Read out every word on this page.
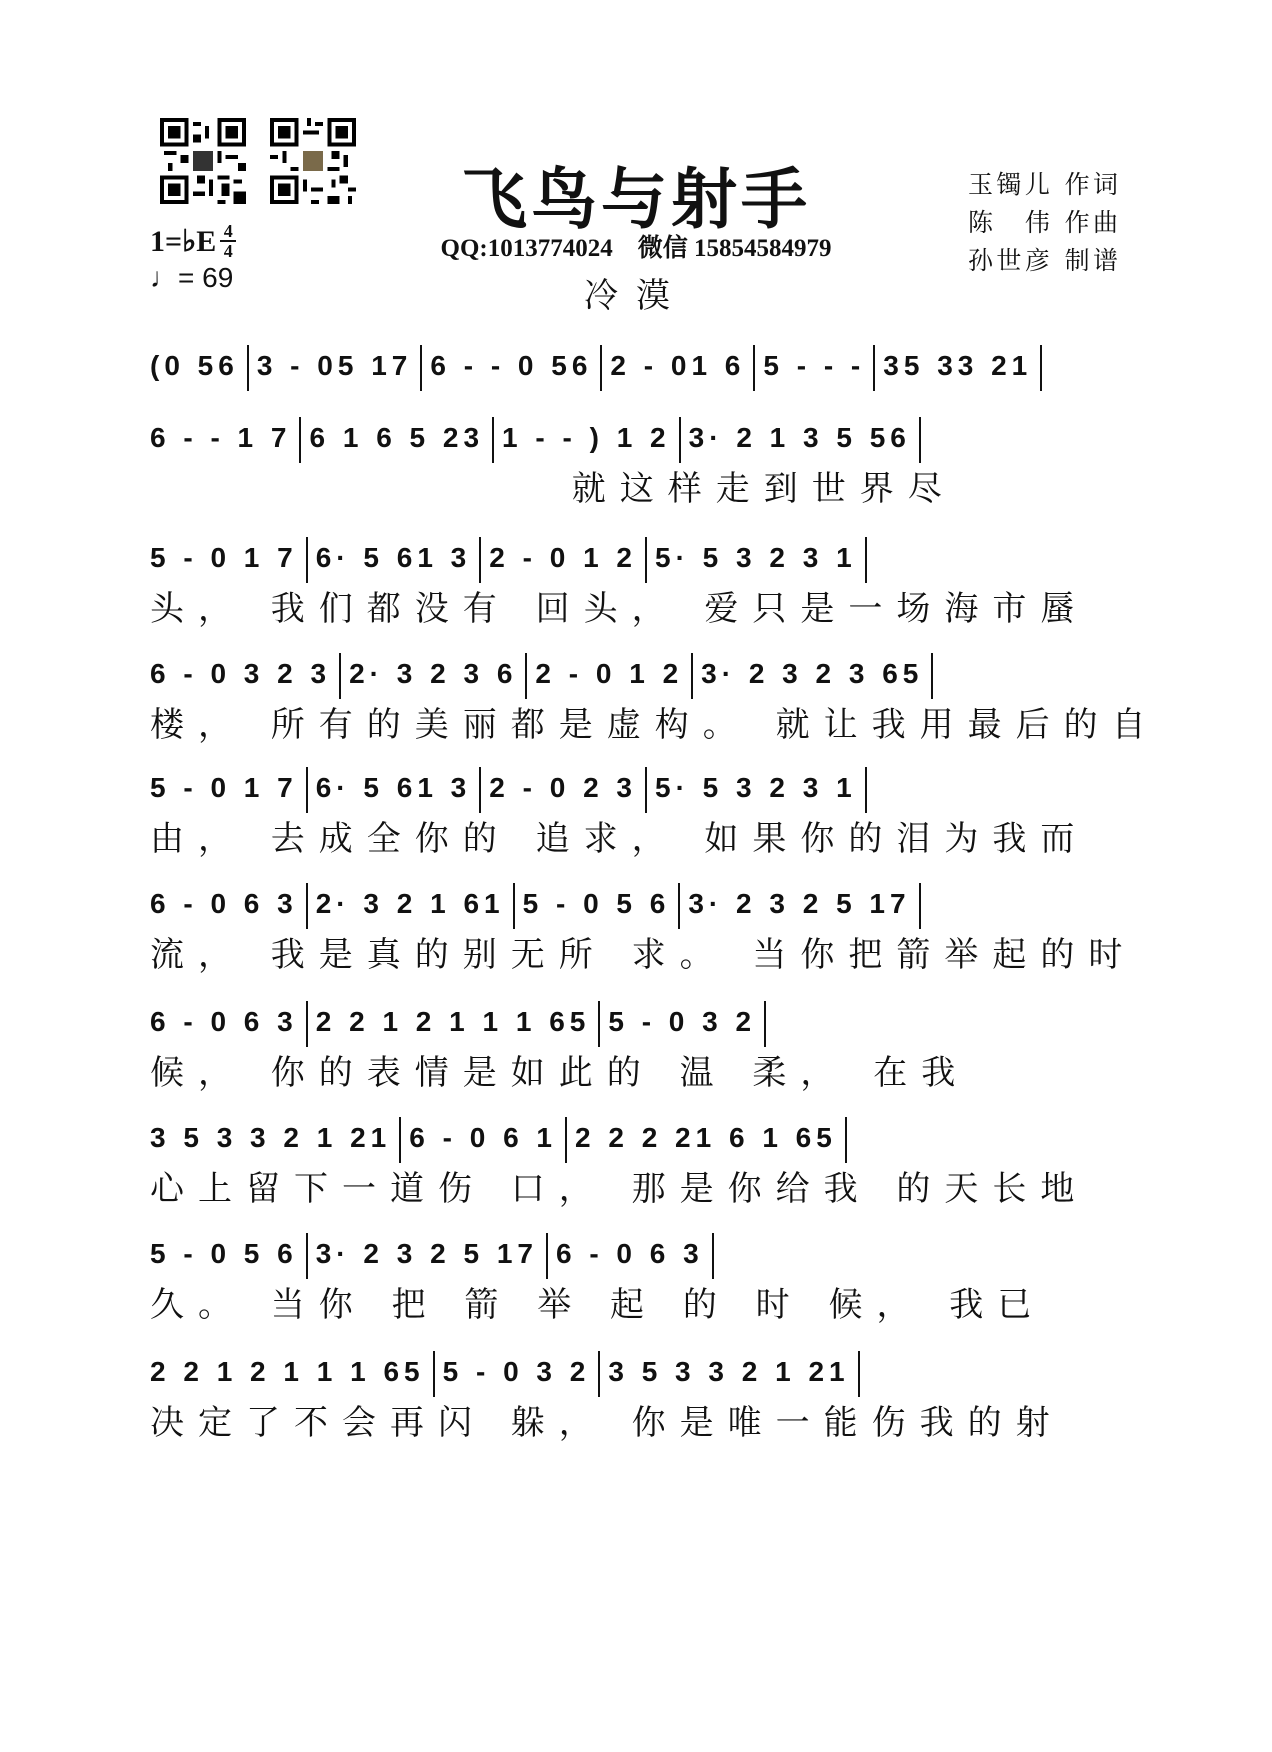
飞鸟与射手
QQ:1013774024　微信 15854584979
冷漠
玉镯儿 作词
陈　伟 作曲
孙世彦 制谱
1=♭E $\frac{4}{4}$
♩= 69
(0 56 3 - 05 17 6 - - 0 56 2 - 01 6 5 - - - 35 33 21
6 - - 1 7 6 1 6 5 23 1 - - ) 1 2 3· 2 1 3 5 56
就这样走到世界尽
5 - 0 1 7 6· 5 61 3 2 - 0 1 2 5· 5 3 2 3 1
头， 我们都没有 回头， 爱只是一场海市蜃
6 - 0 3 2 3 2· 3 2 3 6 2 - 0 1 2 3· 2 3 2 3 65
楼， 所有的美丽都是虚构。 就让我用最后的自
5 - 0 1 7 6· 5 61 3 2 - 0 2 3 5· 5 3 2 3 1
由， 去成全你的 追求， 如果你的泪为我而
6 - 0 6 3 2· 3 2 1 61 5 - 0 5 6 3· 2 3 2 5 17
流， 我是真的别无所 求。 当你把箭举起的时
6 - 0 6 3 2 2 1 2 1 1 1 65 5 - 0 3 2
候， 你的表情是如此的 温 柔， 在我
3 5 3 3 2 1 21 6 - 0 6 1 2 2 2 21 6 1 65
心上留下一道伤 口， 那是你给我 的天长地
5 - 0 5 6 3· 2 3 2 5 17 6 - 0 6 3
久。 当你 把 箭 举 起 的 时 候， 我已
2 2 1 2 1 1 1 65 5 - 0 3 2 3 5 3 3 2 1 21
决定了不会再闪 躲， 你是唯一能伤我的射
